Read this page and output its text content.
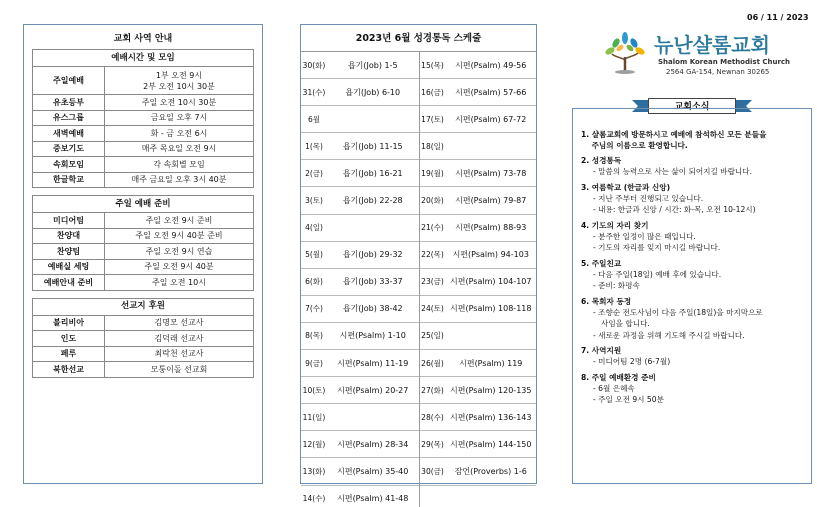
교회 사역 안내
예배시간 및 모임	
주일예배	1부 오전 9시
2부 오전 10시 30분
유초등부	주일 오전 10시 30분
유스그룹	금요일 오후 7시
새벽예배	화 - 금 오전 6시
중보기도	매주 목요일 오전 9시
속회모임	각 속회별 모임
한글학교	매주 금요일 오후 3시 40분
주일 예배 준비	
미디어팀	주일 오전 9시 준비
찬양대	주일 오전 9시 40분 준비
찬양팀	주일 오전 9시 연습
예배실 세팅	주일 오전 9시 40분
예배안내 준비	주일 오전 10시
선교지 후원	
볼리비아	김명모 선교사
인도	김덕래 선교사
페루	최락천 선교사
북한선교	모퉁이돌 선교회
2023년 6월 성경통독 스케줄
30(화)	욥기(Job) 1-5
31(수)	욥기(Job) 6-10
6월
1(목)	욥기(Job) 11-15
2(금)	욥기(Job) 16-21
3(토)	욥기(Job) 22-28
4(일)
5(월)	욥기(Job) 29-32
6(화)	욥기(Job) 33-37
7(수)	욥기(Job) 38-42
8(목)	시편(Psalm) 1-10
9(금)	시편(Psalm) 11-19
10(토)	시편(Psalm) 20-27
11(일)
12(월)	시편(Psalm) 28-34
13(화)	시편(Psalm) 35-40
14(수)	시편(Psalm) 41-48
15(목)	시편(Psalm) 49-56
16(금)	시편(Psalm) 57-66
17(토)	시편(Psalm) 67-72
18(일)
19(월)	시편(Psalm) 73-78
20(화)	시편(Psalm) 79-87
21(수)	시편(Psalm) 88-93
22(목)	시편(Psalm) 94-103
23(금) 시편(Psalm) 104-107
24(토) 시편(Psalm) 108-118
25(일)
26(월)	시편(Psalm) 119
27(화) 시편(Psalm) 120-135
28(수) 시편(Psalm) 136-143
29(목) 시편(Psalm) 144-150
30(금)	잠언(Proverbs) 1-6
06 / 11 / 2023
뉴난샬롬교회
Shalom Korean Methodist Church
2564 GA-154, Newnan 30265
교회소식
1. 샬롬교회에 방문하시고 예배에 참석하신 모든 분들을
주님의 이름으로 환영합니다.
2. 성경통독
- 말씀의 능력으로 사는 삶이 되어지길 바랍니다.
3. 여름학교 (한글과 신앙)
- 지난 주부터 진행되고 있습니다.
- 내용: 한글과 신앙 / 시간: 화-목, 오전 10-12시)
4. 기도의 자리 찾기
- 분주한 일정이 많은 때입니다.
- 기도의 자리를 잊지 마시길 바랍니다.
5. 주일친교
- 다음 주일(18일) 예배 후에 있습니다.
- 준비: 화평속
6. 목회자 동정
- 조향순 전도사님이 다음 주일(18일)을 마지막으로
사임을 합니다.
- 새로운 과정을 위해 기도해 주시길 바랍니다.
7. 사역지원
- 미디어팀 2명 (6-7월)
8. 주일 예배환경 준비
- 6월 은혜속
- 주일 오전 9시 50분
